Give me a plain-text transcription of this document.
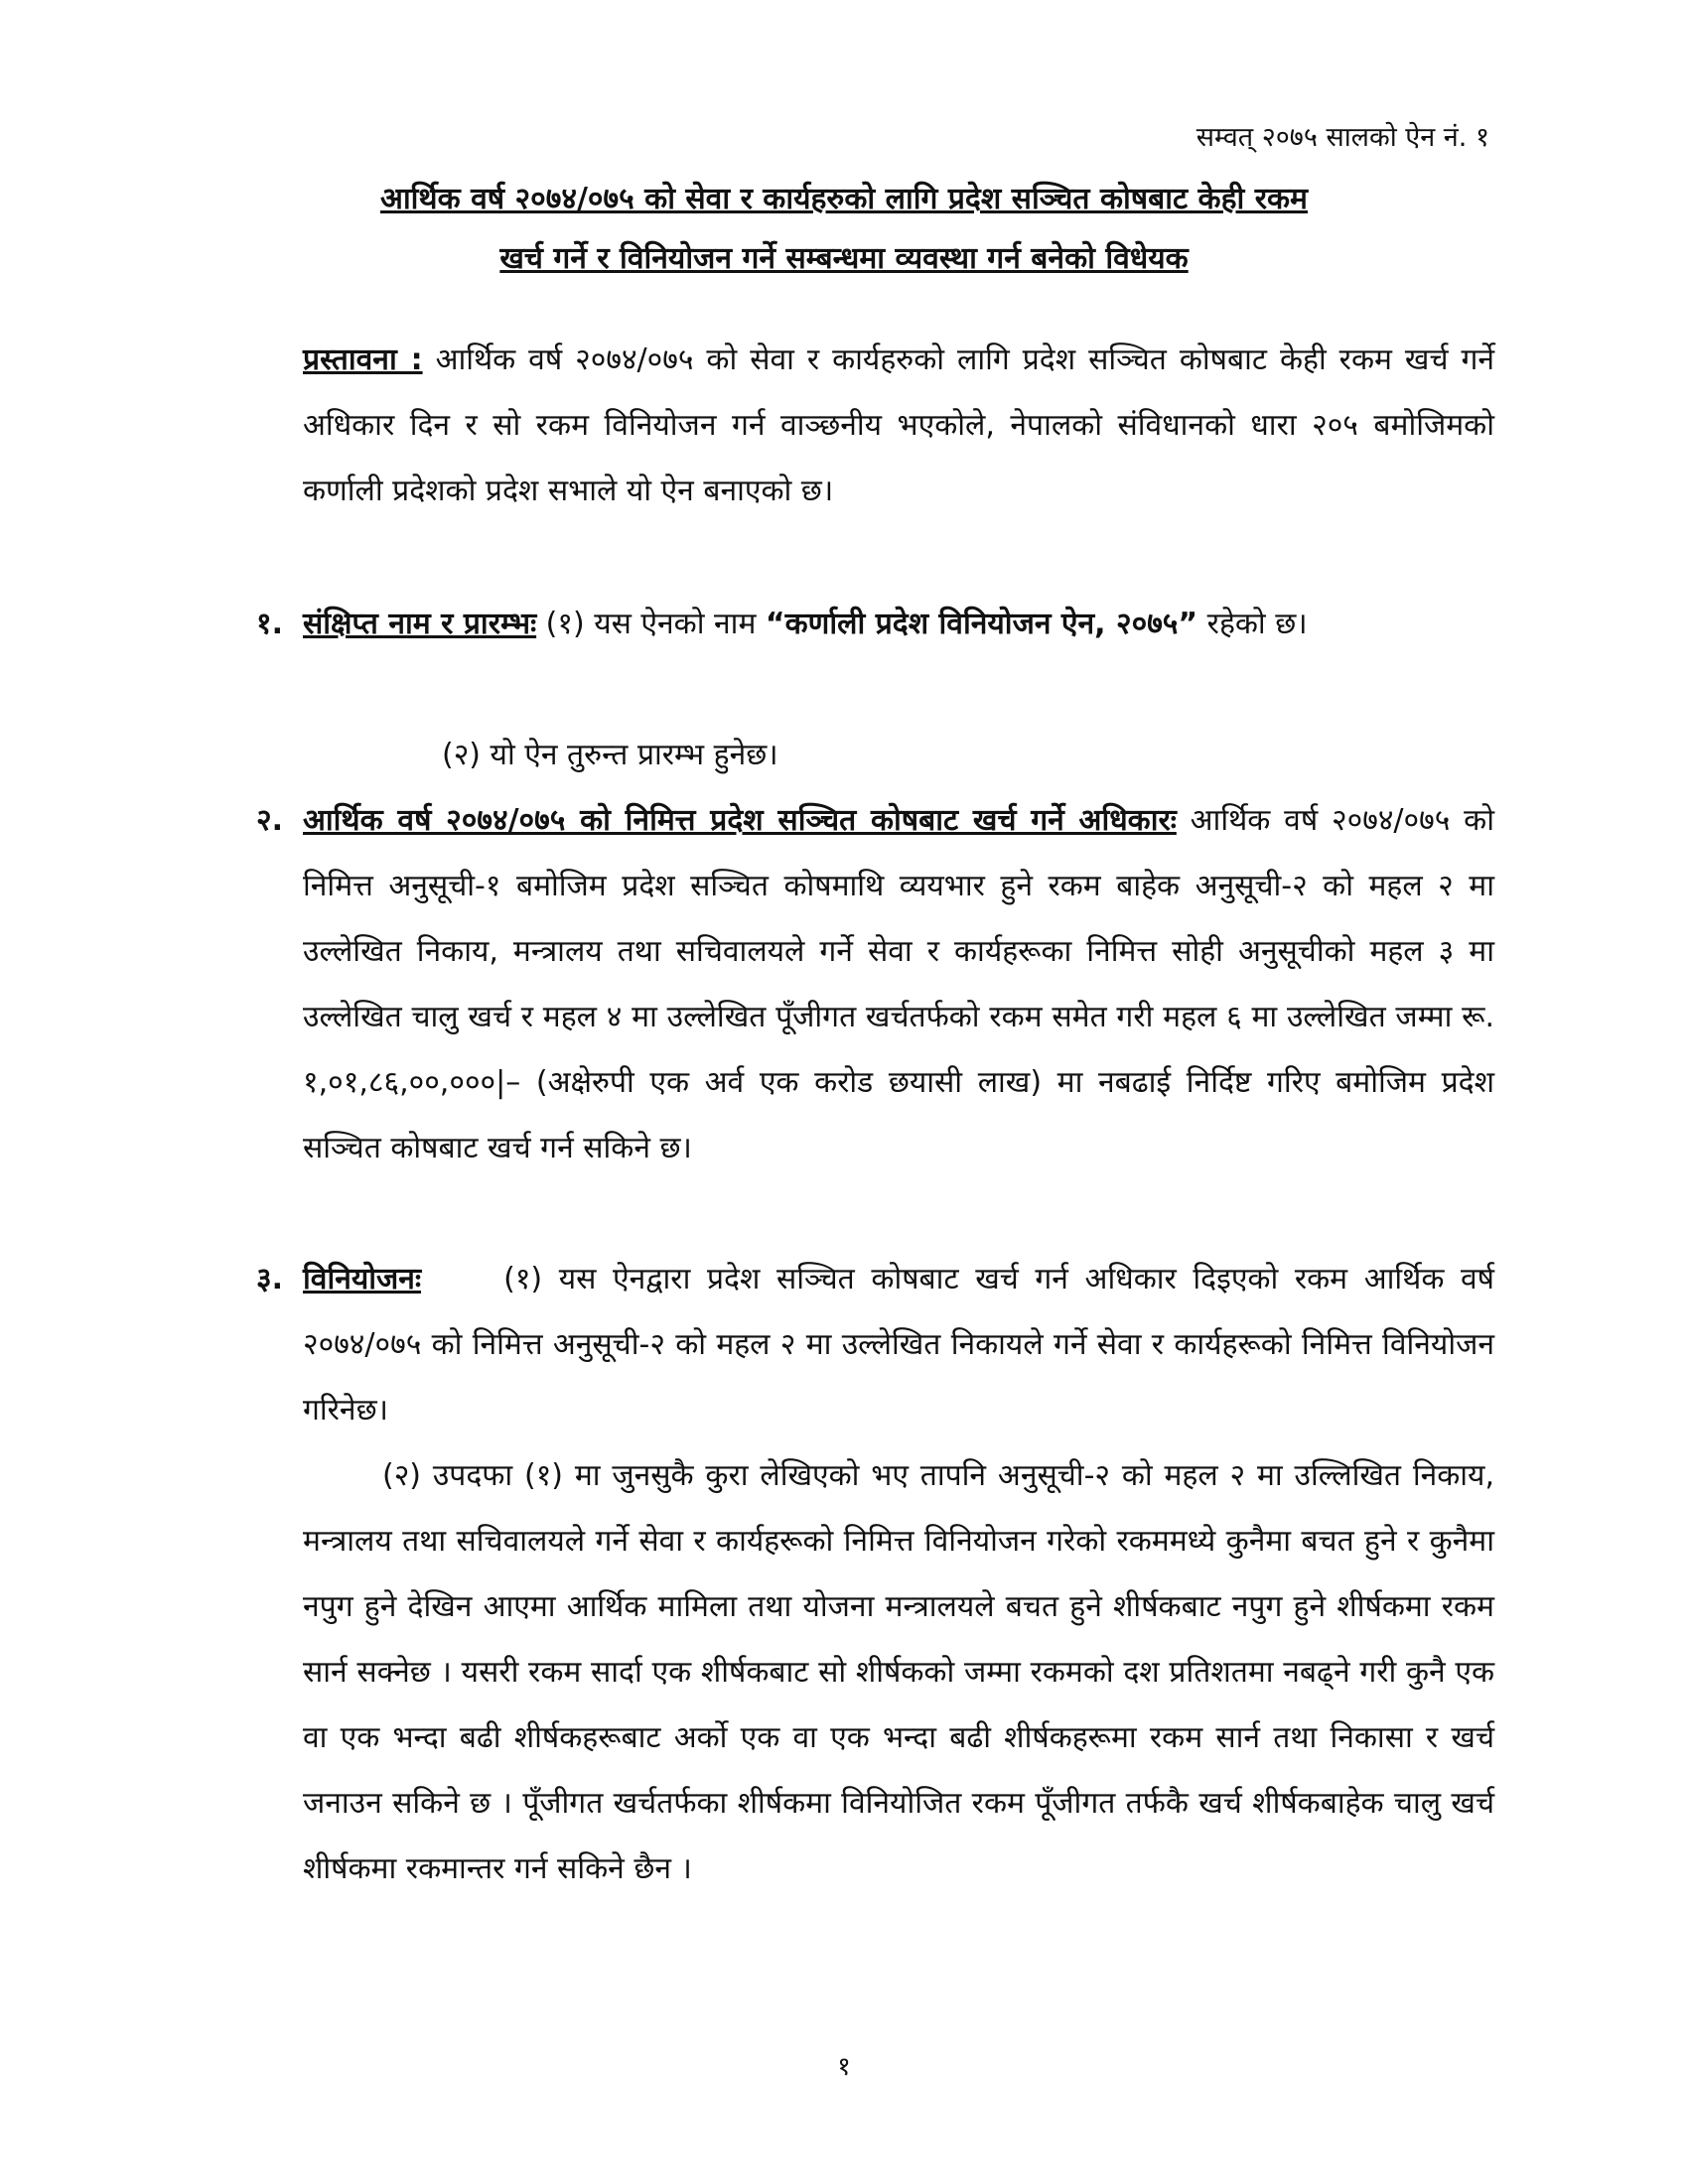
सम्वत् २०७५ सालको ऐन नं. १
आर्थिक वर्ष २०७४/०७५ को सेवा र कार्यहरुको लागि प्रदेश सञ्चित कोषबाट केही रकम
खर्च गर्ने र विनियोजन गर्ने सम्बन्धमा व्यवस्था गर्न बनेको विधेयक
प्रस्तावना : आर्थिक वर्ष २०७४/०७५ को सेवा र कार्यहरुको लागि प्रदेश सञ्चित कोषबाट केही रकम खर्च गर्ने अधिकार दिन र सो रकम विनियोजन गर्न वाञ्छनीय भएकोले, नेपालको संविधानको धारा २०५ बमोजिमको कर्णाली प्रदेशको प्रदेश सभाले यो ऐन बनाएको छ।
१. संक्षिप्त नाम र प्रारम्भः (१) यस ऐनको नाम “कर्णाली प्रदेश विनियोजन ऐन, २०७५” रहेको छ।
(२) यो ऐन तुरुन्त प्रारम्भ हुनेछ।
२. आर्थिक वर्ष २०७४/०७५ को निमित्त प्रदेश सञ्चित कोषबाट खर्च गर्ने अधिकारः आर्थिक वर्ष २०७४/०७५ को निमित्त अनुसूची-१ बमोजिम प्रदेश सञ्चित कोषमाथि व्ययभार हुने रकम बाहेक अनुसूची-२ को महल २ मा उल्लेखित निकाय, मन्त्रालय तथा सचिवालयले गर्ने सेवा र कार्यहरूका निमित्त सोही अनुसूचीको महल ३ मा उल्लेखित चालु खर्च र महल ४ मा उल्लेखित पूँजीगत खर्चतर्फको रकम समेत गरी महल ६ मा उल्लेखित जम्मा रू. १,०१,८६,००,०००|– (अक्षेरुपी एक अर्व एक करोड छयासी लाख) मा नबढाई निर्दिष्ट गरिए बमोजिम प्रदेश सञ्चित कोषबाट खर्च गर्न सकिने छ।
३. विनियोजनः     (१) यस ऐनद्वारा प्रदेश सञ्चित कोषबाट खर्च गर्न अधिकार दिइएको रकम आर्थिक वर्ष २०७४/०७५ को निमित्त अनुसूची-२ को महल २ मा उल्लेखित निकायले गर्ने सेवा र कार्यहरूको निमित्त विनियोजन गरिनेछ।
(२) उपदफा (१) मा जुनसुकै कुरा लेखिएको भए तापनि अनुसूची-२ को महल २ मा उल्लिखित निकाय, मन्त्रालय तथा सचिवालयले गर्ने सेवा र कार्यहरूको निमित्त विनियोजन गरेको रकममध्ये कुनैमा बचत हुने र कुनैमा नपुग हुने देखिन आएमा आर्थिक मामिला तथा योजना मन्त्रालयले बचत हुने शीर्षकबाट नपुग हुने शीर्षकमा रकम सार्न सक्नेछ । यसरी रकम सार्दा एक शीर्षकबाट सो शीर्षकको जम्मा रकमको दश प्रतिशतमा नबढ्ने गरी कुनै एक वा एक भन्दा बढी शीर्षकहरूबाट अर्को एक वा एक भन्दा बढी शीर्षकहरूमा रकम सार्न तथा निकासा र खर्च जनाउन सकिने छ । पूँजीगत खर्चतर्फका शीर्षकमा विनियोजित रकम पूँजीगत तर्फकै खर्च शीर्षकबाहेक चालु खर्च शीर्षकमा रकमान्तर गर्न सकिने छैन ।
१
